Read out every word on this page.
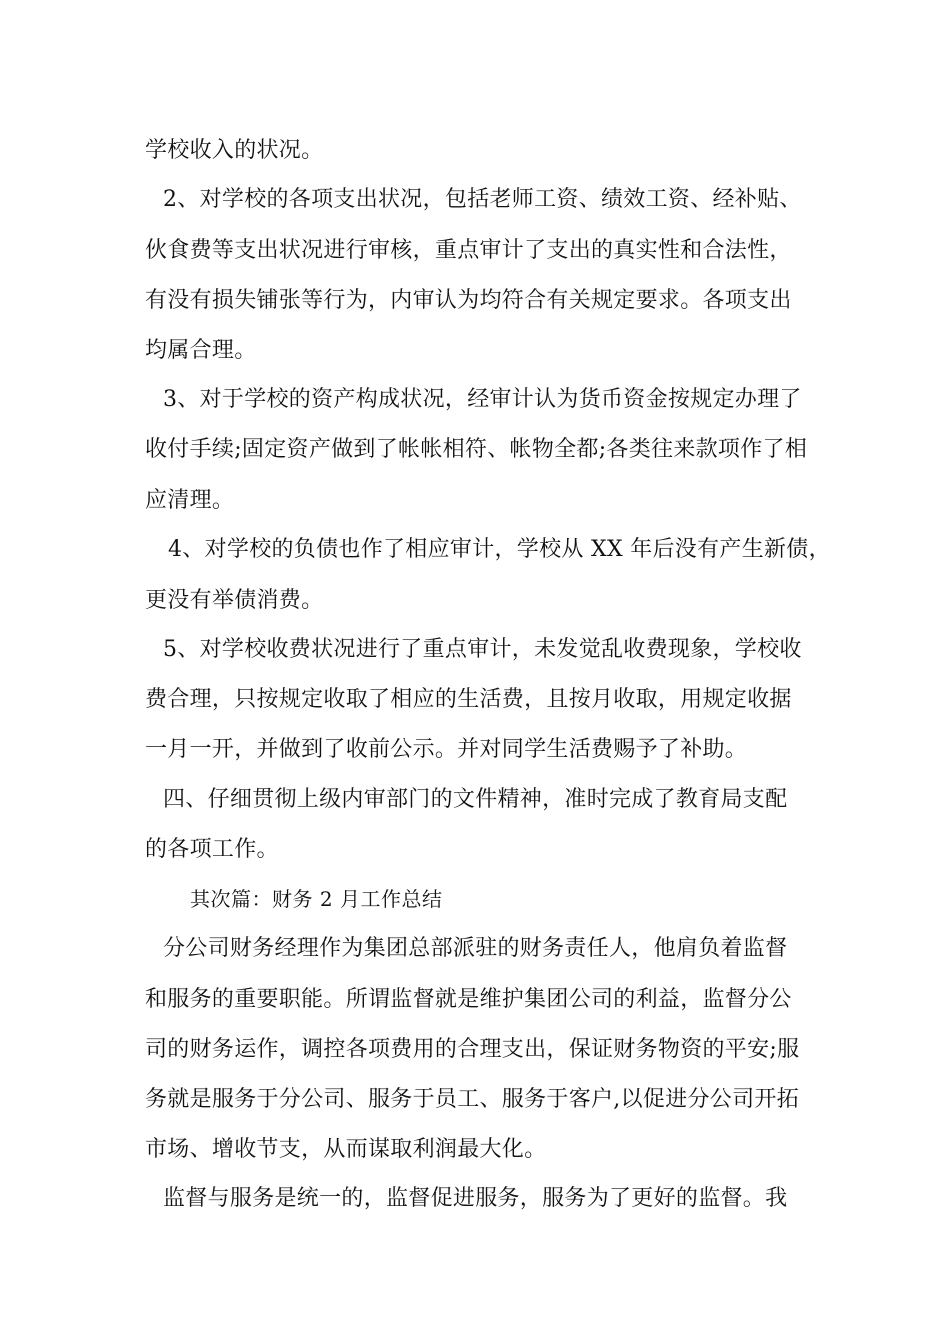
学校收入的状况。
2、对学校的各项支出状况，包括老师工资、绩效工资、经补贴、
伙食费等支出状况进行审核，重点审计了支出的真实性和合法性，
有没有损失铺张等行为，内审认为均符合有关规定要求。各项支出
均属合理。
3、对于学校的资产构成状况，经审计认为货币资金按规定办理了
收付手续;固定资产做到了帐帐相符、帐物全都;各类往来款项作了相
应清理。
4、对学校的负债也作了相应审计，学校从 XX 年后没有产生新债，
更没有举债消费。
5、对学校收费状况进行了重点审计，未发觉乱收费现象，学校收
费合理，只按规定收取了相应的生活费，且按月收取，用规定收据
一月一开，并做到了收前公示。并对同学生活费赐予了补助。
四、仔细贯彻上级内审部门的文件精神，准时完成了教育局支配
的各项工作。
其次篇：财务 2 月工作总结
分公司财务经理作为集团总部派驻的财务责任人，他肩负着监督
和服务的重要职能。所谓监督就是维护集团公司的利益，监督分公
司的财务运作，调控各项费用的合理支出，保证财务物资的平安;服
务就是服务于分公司、服务于员工、服务于客户,以促进分公司开拓
市场、增收节支，从而谋取利润最大化。
监督与服务是统一的，监督促进服务，服务为了更好的监督。我
